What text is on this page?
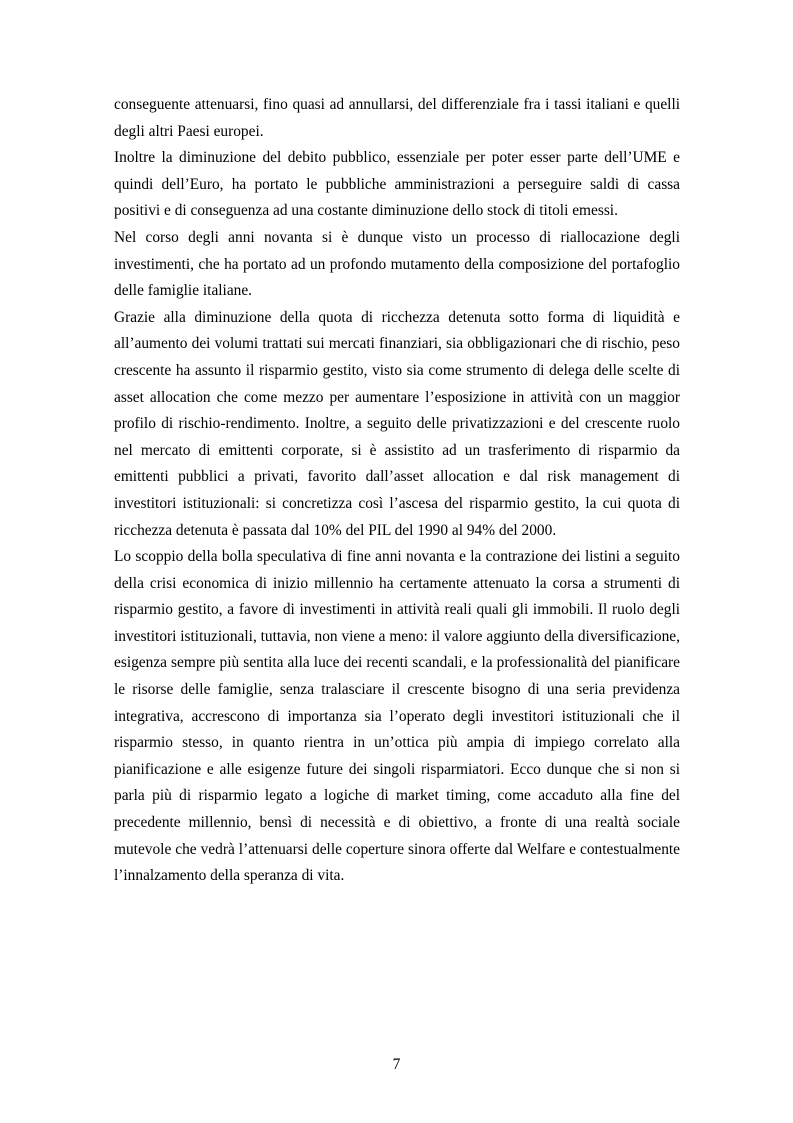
conseguente attenuarsi, fino quasi ad annullarsi, del differenziale fra i tassi italiani e quelli degli altri Paesi europei.

Inoltre la diminuzione del debito pubblico, essenziale per poter esser parte dell’UME e quindi dell’Euro, ha portato le pubbliche amministrazioni a perseguire saldi di cassa positivi e di conseguenza ad una costante diminuzione dello stock di titoli emessi.

Nel corso degli anni novanta si è dunque visto un processo di riallocazione degli investimenti, che ha portato ad un profondo mutamento della composizione del portafoglio delle famiglie italiane.

Grazie alla diminuzione della quota di ricchezza detenuta sotto forma di liquidità e all’aumento dei volumi trattati sui mercati finanziari, sia obbligazionari che di rischio, peso crescente ha assunto il risparmio gestito, visto sia come strumento di delega delle scelte di asset allocation che come mezzo per aumentare l’esposizione in attività con un maggior profilo di rischio-rendimento. Inoltre, a seguito delle privatizzazioni e del crescente ruolo nel mercato di emittenti corporate, si è assistito ad un trasferimento di risparmio da emittenti pubblici a privati, favorito dall’asset allocation e dal risk management di investitori istituzionali: si concretizza così l’ascesa del risparmio gestito, la cui quota di ricchezza detenuta è passata dal 10% del PIL del 1990 al 94% del 2000.

Lo scoppio della bolla speculativa di fine anni novanta e la contrazione dei listini a seguito della crisi economica di inizio millennio ha certamente attenuato la corsa a strumenti di risparmio gestito, a favore di investimenti in attività reali quali gli immobili. Il ruolo degli investitori istituzionali, tuttavia, non viene a meno: il valore aggiunto della diversificazione, esigenza sempre più sentita alla luce dei recenti scandali, e la professionalità del pianificare le risorse delle famiglie, senza tralasciare il crescente bisogno di una seria previdenza integrativa, accrescono di importanza sia l’operato degli investitori istituzionali che il risparmio stesso, in quanto rientra in un’ottica più ampia di impiego correlato alla pianificazione e alle esigenze future dei singoli risparmiatori. Ecco dunque che si non si parla più di risparmio legato a logiche di market timing, come accaduto alla fine del precedente millennio, bensì di necessità e di obiettivo, a fronte di una realtà sociale mutevole che vedrà l’attenuarsi delle coperture sinora offerte dal Welfare e contestualmente l’innalzamento della speranza di vita.

7
